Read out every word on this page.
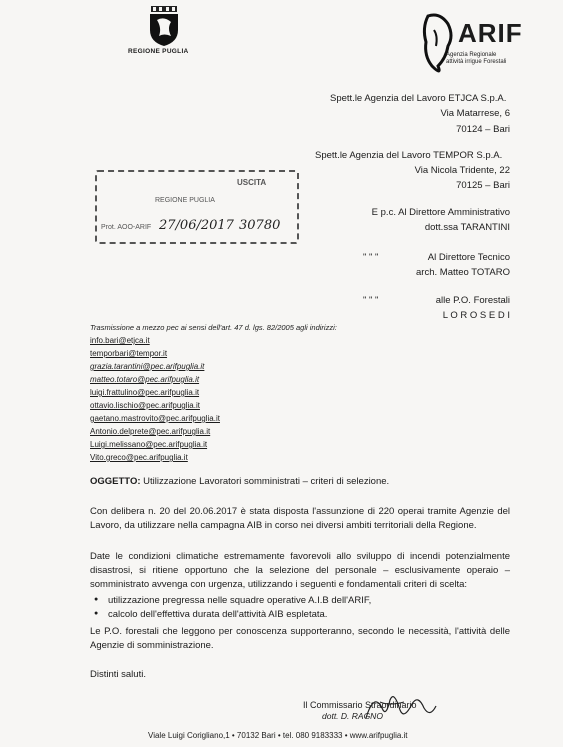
REGIONE PUGLIA
ARIF
Agenzia Regionale
attività irrigue Forestali
Spett.le Agenzia del Lavoro ETJCA S.p.A.
Via Matarrese, 6
70124 – Bari
Spett.le Agenzia del Lavoro TEMPOR S.p.A.
Via Nicola Tridente, 22
70125 – Bari
E p.c. Al Direttore Amministrativo
dott.ssa TARANTINI
" " "	Al Direttore Tecnico
arch. Matteo TOTARO
" " "	alle P.O. Forestali
L O R O S E D I
USCITA
REGIONE PUGLIA
Prot. AOO-ARIF 27/06/2017 30780
Trasmissione a mezzo pec ai sensi dell'art. 47 d. lgs. 82/2005 agli indirizzi:
info.bari@etjca.it
temporbari@tempor.it
grazia.tarantini@pec.arifpuglia.it
matteo.totaro@pec.arifpuglia.it
luigi.frattulino@pec.arifpuglia.it
ottavio.lischio@pec.arifpuglia.it
gaetano.mastrovito@pec.arifpuglia.it
Antonio.delprete@pec.arifpuglia.it
Luigi.melissano@pec.arifpuglia.it
Vito.greco@pec.arifpuglia.it
OGGETTO: Utilizzazione Lavoratori somministrati – criteri di selezione.
Con delibera n. 20 del 20.06.2017 è stata disposta l'assunzione di 220 operai tramite Agenzie del Lavoro, da utilizzare nella campagna AIB in corso nei diversi ambiti territoriali della Regione.
Date le condizioni climatiche estremamente favorevoli allo sviluppo di incendi potenzialmente disastrosi, si ritiene opportuno che la selezione del personale – esclusivamente operaio – somministrato avvenga con urgenza, utilizzando i seguenti e fondamentali criteri di scelta:
● utilizzazione pregressa nelle squadre operative A.I.B dell'ARIF,
● calcolo dell'effettiva durata dell'attività AIB espletata.
Le P.O. forestali che leggono per conoscenza supporteranno, secondo le necessità, l'attività delle Agenzie di somministrazione.
Distinti saluti.
Il Commissario Straordinario
dott. D. RAGNO
Viale Luigi Corigliano,1 • 70132 Bari • tel. 080 9183333 • www.arifpuglia.it
